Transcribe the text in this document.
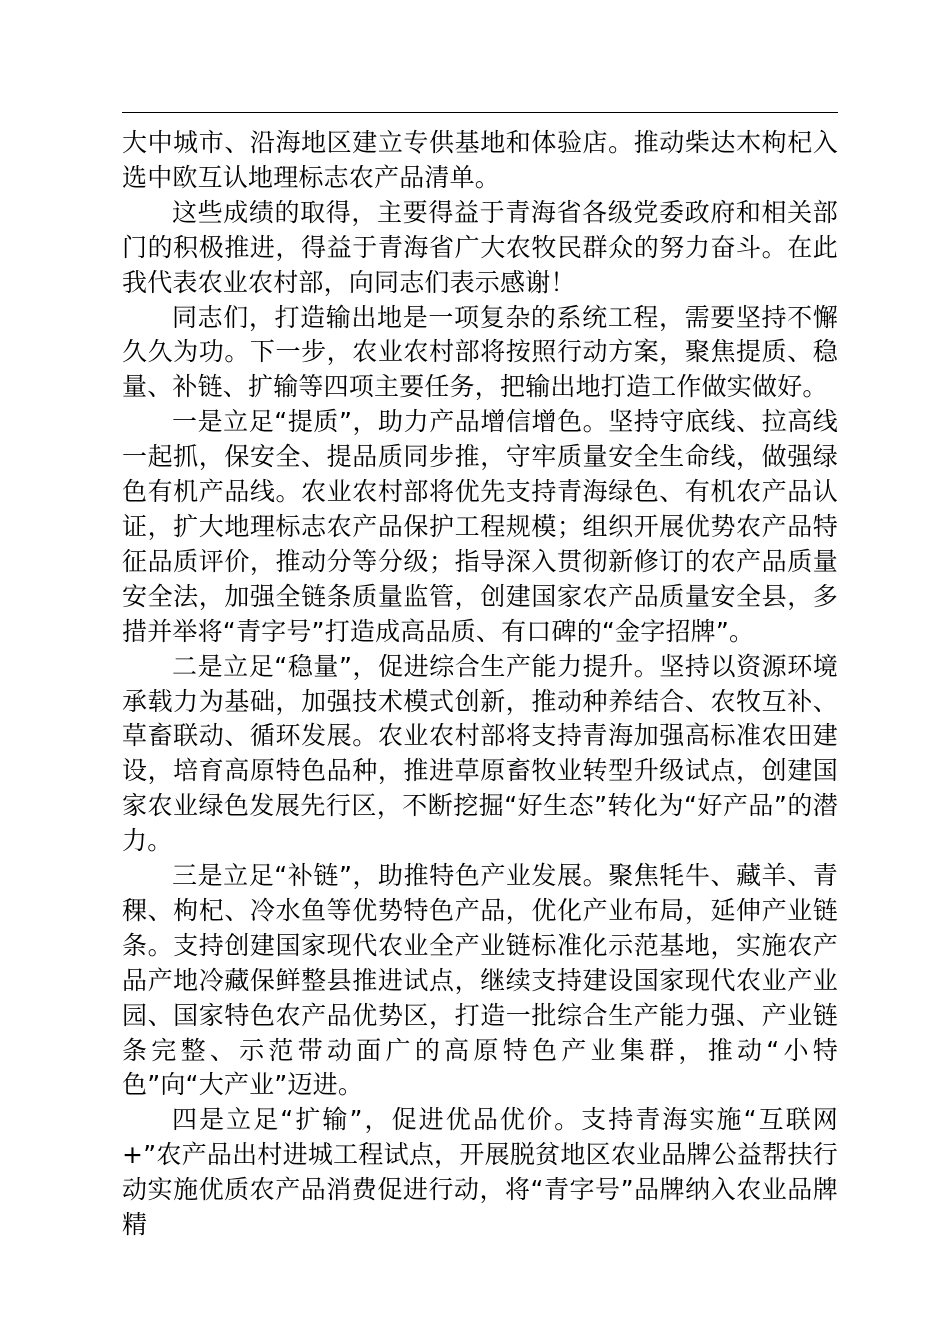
大中城市、沿海地区建立专供基地和体验店。推动柴达木枸杞入选中欧互认地理标志农产品清单。

这些成绩的取得，主要得益于青海省各级党委政府和相关部门的积极推进，得益于青海省广大农牧民群众的努力奋斗。在此我代表农业农村部，向同志们表示感谢！

同志们，打造输出地是一项复杂的系统工程，需要坚持不懈久久为功。下一步，农业农村部将按照行动方案，聚焦提质、稳量、补链、扩输等四项主要任务，把输出地打造工作做实做好。

一是立足“提质”，助力产品增信增色。坚持守底线、拉高线一起抓，保安全、提品质同步推，守牢质量安全生命线，做强绿色有机产品线。农业农村部将优先支持青海绿色、有机农产品认证，扩大地理标志农产品保护工程规模；组织开展优势农产品特征品质评价，推动分等分级；指导深入贯彻新修订的农产品质量安全法，加强全链条质量监管，创建国家农产品质量安全县，多措并举将“青字号”打造成高品质、有口碑的“金字招牌”。

二是立足“稳量”，促进综合生产能力提升。坚持以资源环境承载力为基础，加强技术模式创新，推动种养结合、农牧互补、草畜联动、循环发展。农业农村部将支持青海加强高标准农田建设，培育高原特色品种，推进草原畜牧业转型升级试点，创建国家农业绿色发展先行区，不断挖掘“好生态”转化为“好产品”的潜力。

三是立足“补链”，助推特色产业发展。聚焦牦牛、藏羊、青稞、枸杞、冷水鱼等优势特色产品，优化产业布局，延伸产业链条。支持创建国家现代农业全产业链标准化示范基地，实施农产品产地冷藏保鲜整县推进试点，继续支持建设国家现代农业产业园、国家特色农产品优势区，打造一批综合生产能力强、产业链条完整、示范带动面广的高原特色产业集群，推动“小特色”向“大产业”迈进。

四是立足“扩输”，促进优品优价。支持青海实施“互联网+”农产品出村进城工程试点，开展脱贫地区农业品牌公益帮扶行动实施优质农产品消费促进行动，将“青字号”品牌纳入农业品牌精
